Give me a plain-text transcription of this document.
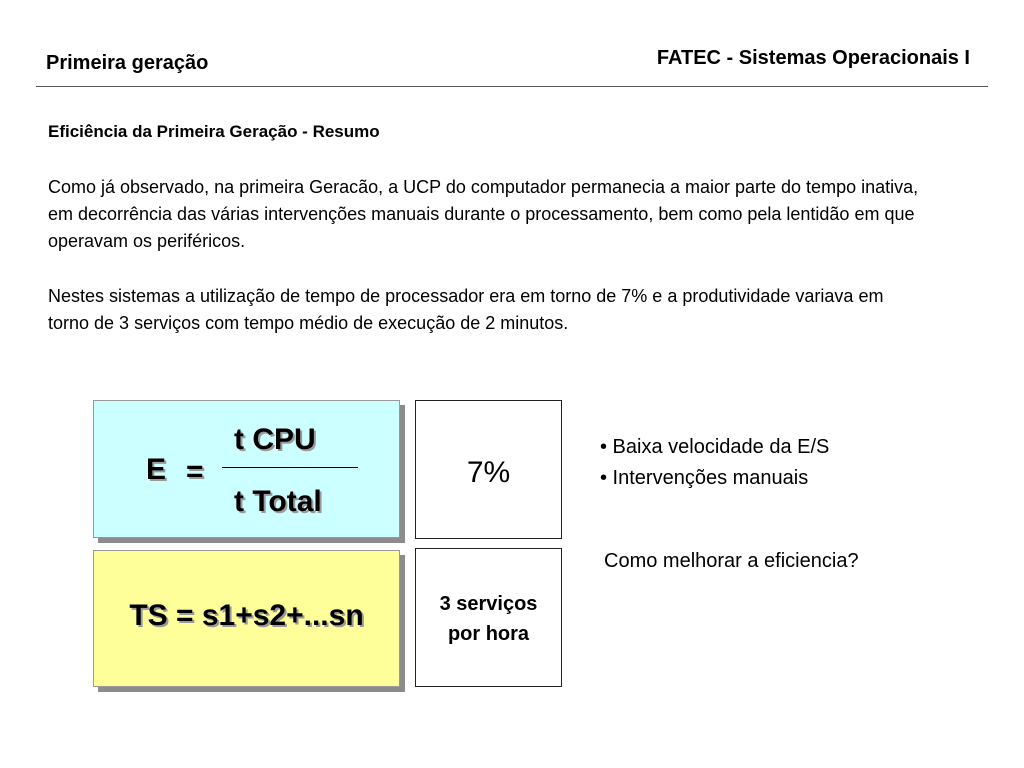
Primeira geração	FATEC - Sistemas Operacionais I
Eficiência da Primeira Geração - Resumo
Como já observado, na primeira Geracão, a UCP do computador permanecia a maior parte do tempo inativa, em decorrência das várias intervenções manuais durante o processamento, bem como pela lentidão em que operavam os periféricos.
Nestes sistemas a utilização de tempo de processador era em torno de 7% e a produtividade variava em torno de 3 serviços com tempo médio de execução de 2 minutos.
E =
t CPU
t Total
TS = s1+s2+...sn
7%
3 serviços
por hora
• Baixa velocidade da E/S
• Intervenções manuais
Como melhorar a eficiencia?
